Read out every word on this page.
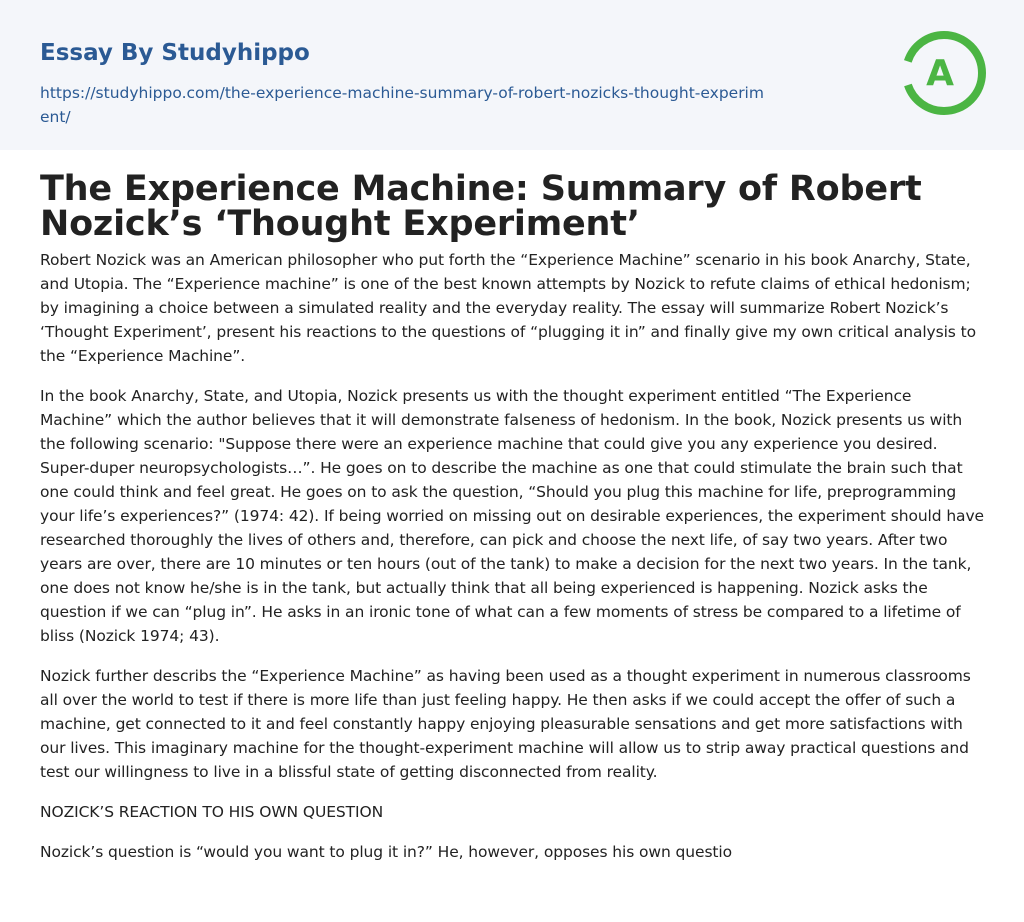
Essay By Studyhippo
https://studyhippo.com/the-experience-machine-summary-of-robert-nozicks-thought-experiment/
A
The Experience Machine: Summary of Robert Nozick’s ‘Thought Experiment’

Robert Nozick was an American philosopher who put forth the “Experience Machine” scenario in his book Anarchy, State, and Utopia. The “Experience machine” is one of the best known attempts by Nozick to refute claims of ethical hedonism; by imagining a choice between a simulated reality and the everyday reality. The essay will summarize Robert Nozick’s ‘Thought Experiment’, present his reactions to the questions of “plugging it in” and finally give my own critical analysis to the “Experience Machine”.

In the book Anarchy, State, and Utopia, Nozick presents us with the thought experiment entitled “The Experience Machine” which the author believes that it will demonstrate falseness of hedonism. In the book, Nozick presents us with the following scenario: "Suppose there were an experience machine that could give you any experience you desired. Super-duper neuropsychologists…”. He goes on to describe the machine as one that could stimulate the brain such that one could think and feel great. He goes on to ask the question, “Should you plug this machine for life, preprogramming your life’s experiences?” (1974: 42). If being worried on missing out on desirable experiences, the experiment should have researched thoroughly the lives of others and, therefore, can pick and choose the next life, of say two years. After two years are over, there are 10 minutes or ten hours (out of the tank) to make a decision for the next two years. In the tank, one does not know he/she is in the tank, but actually think that all being experienced is happening. Nozick asks the question if we can “plug in”. He asks in an ironic tone of what can a few moments of stress be compared to a lifetime of bliss (Nozick 1974; 43).

Nozick further describs the “Experience Machine” as having been used as a thought experiment in numerous classrooms all over the world to test if there is more life than just feeling happy. He then asks if we could accept the offer of such a machine, get connected to it and feel constantly happy enjoying pleasurable sensations and get more satisfactions with our lives. This imaginary machine for the thought-experiment machine will allow us to strip away practical questions and test our willingness to live in a blissful state of getting disconnected from reality.

NOZICK’S REACTION TO HIS OWN QUESTION

Nozick’s question is “would you want to plug it in?” He, however, opposes his own questio
